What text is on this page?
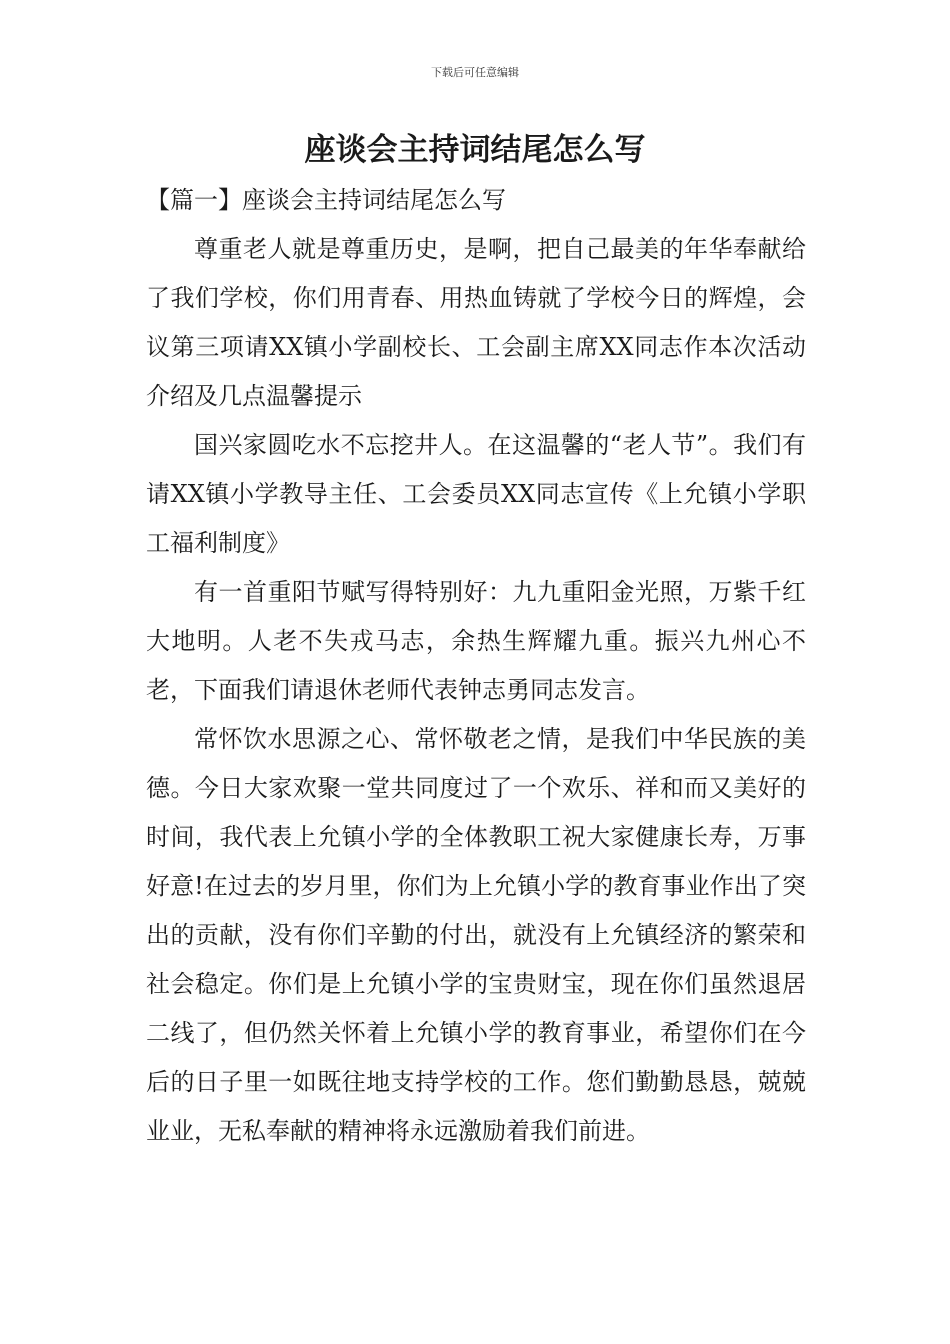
下载后可任意编辑
座谈会主持词结尾怎么写

【篇一】座谈会主持词结尾怎么写

尊重老人就是尊重历史，是啊，把自己最美的年华奉献给了我们学校，你们用青春、用热血铸就了学校今日的辉煌，会议第三项请XX镇小学副校长、工会副主席XX同志作本次活动介绍及几点温馨提示

国兴家圆吃水不忘挖井人。在这温馨的“老人节”。我们有请XX镇小学教导主任、工会委员XX同志宣传《上允镇小学职工福利制度》

有一首重阳节赋写得特别好：九九重阳金光照，万紫千红大地明。人老不失戎马志，余热生辉耀九重。振兴九州心不老，下面我们请退休老师代表钟志勇同志发言。

常怀饮水思源之心、常怀敬老之情，是我们中华民族的美德。今日大家欢聚一堂共同度过了一个欢乐、祥和而又美好的时间，我代表上允镇小学的全体教职工祝大家健康长寿，万事好意!在过去的岁月里，你们为上允镇小学的教育事业作出了突出的贡献，没有你们辛勤的付出，就没有上允镇经济的繁荣和社会稳定。你们是上允镇小学的宝贵财宝，现在你们虽然退居二线了，但仍然关怀着上允镇小学的教育事业，希望你们在今后的日子里一如既往地支持学校的工作。您们勤勤恳恳，兢兢业业，无私奉献的精神将永远激励着我们前进。
